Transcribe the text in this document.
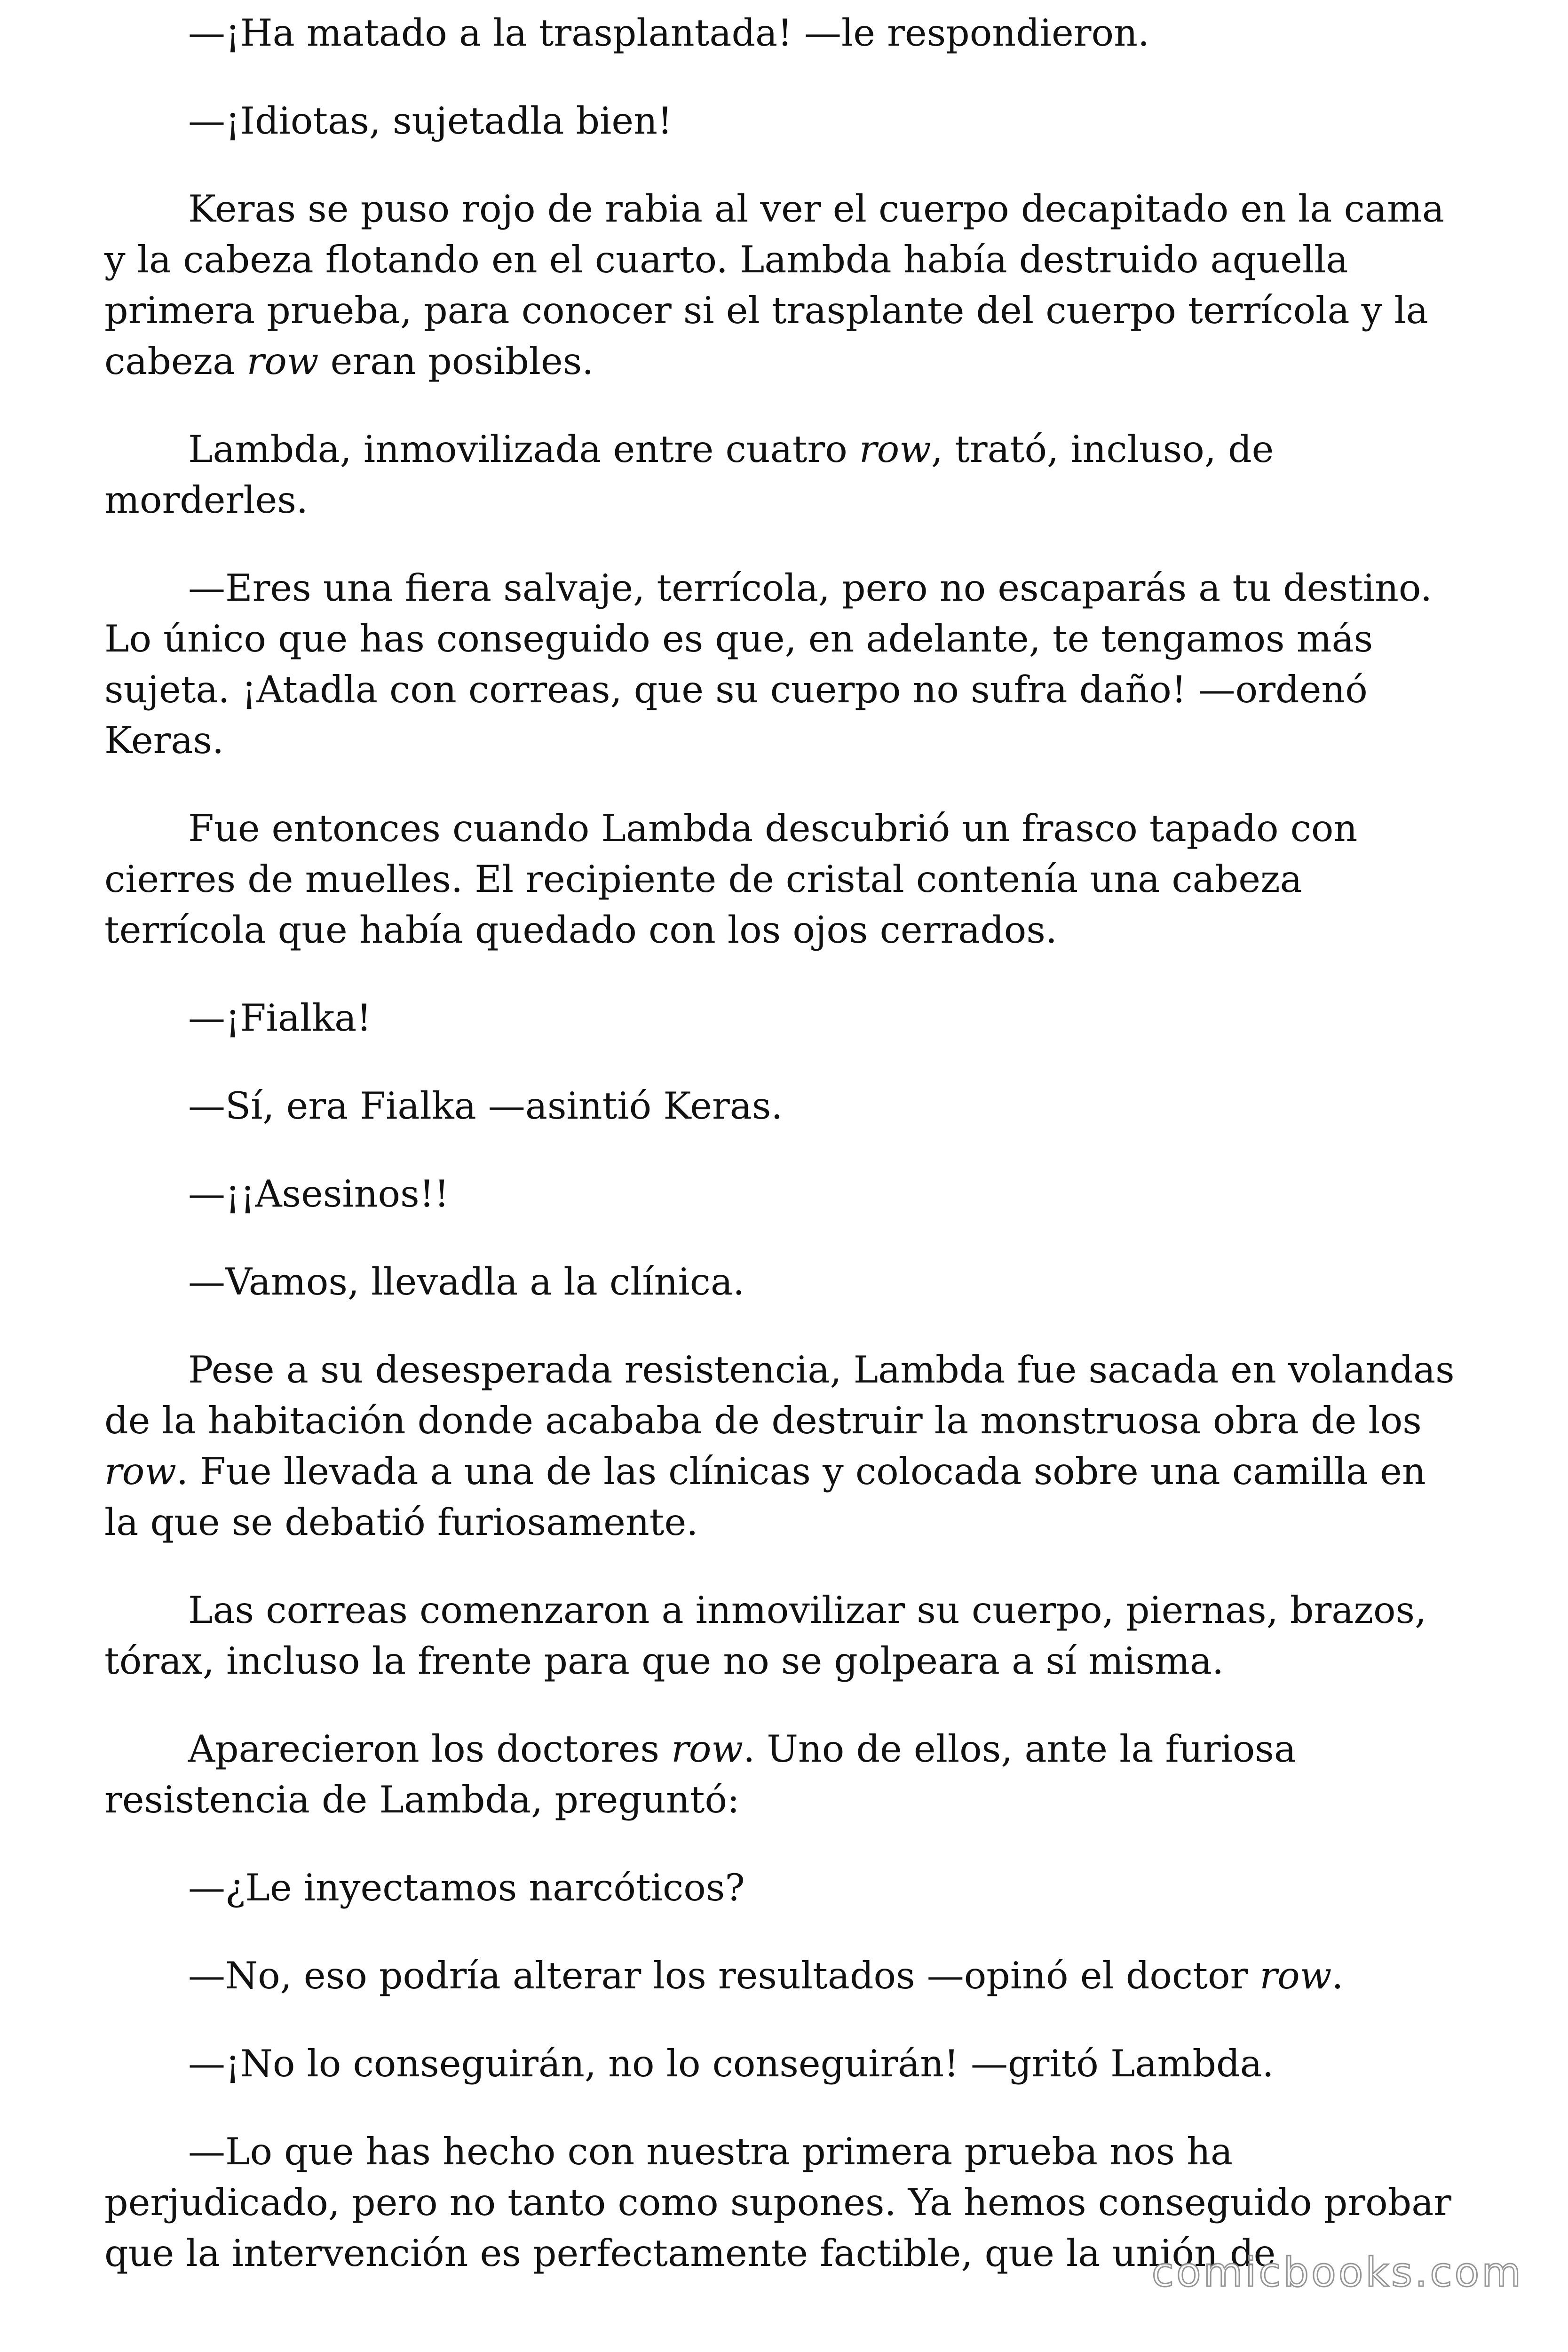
—¡Ha matado a la trasplantada! —le respondieron.

—¡Idiotas, sujetadla bien!

Keras se puso rojo de rabia al ver el cuerpo decapitado en la cama y la cabeza flotando en el cuarto. Lambda había destruido aquella primera prueba, para conocer si el trasplante del cuerpo terrícola y la cabeza row eran posibles.

Lambda, inmovilizada entre cuatro row, trató, incluso, de morderles.

—Eres una fiera salvaje, terrícola, pero no escaparás a tu destino. Lo único que has conseguido es que, en adelante, te tengamos más sujeta. ¡Atadla con correas, que su cuerpo no sufra daño! —ordenó Keras.

Fue entonces cuando Lambda descubrió un frasco tapado con cierres de muelles. El recipiente de cristal contenía una cabeza terrícola que había quedado con los ojos cerrados.

—¡Fialka!

—Sí, era Fialka —asintió Keras.

—¡¡Asesinos!!

—Vamos, llevadla a la clínica.

Pese a su desesperada resistencia, Lambda fue sacada en volandas de la habitación donde acababa de destruir la monstruosa obra de los row. Fue llevada a una de las clínicas y colocada sobre una camilla en la que se debatió furiosamente.

Las correas comenzaron a inmovilizar su cuerpo, piernas, brazos, tórax, incluso la frente para que no se golpeara a sí misma.

Aparecieron los doctores row. Uno de ellos, ante la furiosa resistencia de Lambda, preguntó:

—¿Le inyectamos narcóticos?

—No, eso podría alterar los resultados —opinó el doctor row.

—¡No lo conseguirán, no lo conseguirán! —gritó Lambda.

—Lo que has hecho con nuestra primera prueba nos ha perjudicado, pero no tanto como supones. Ya hemos conseguido probar que la intervención es perfectamente factible, que la unión de

comicbooks.com
